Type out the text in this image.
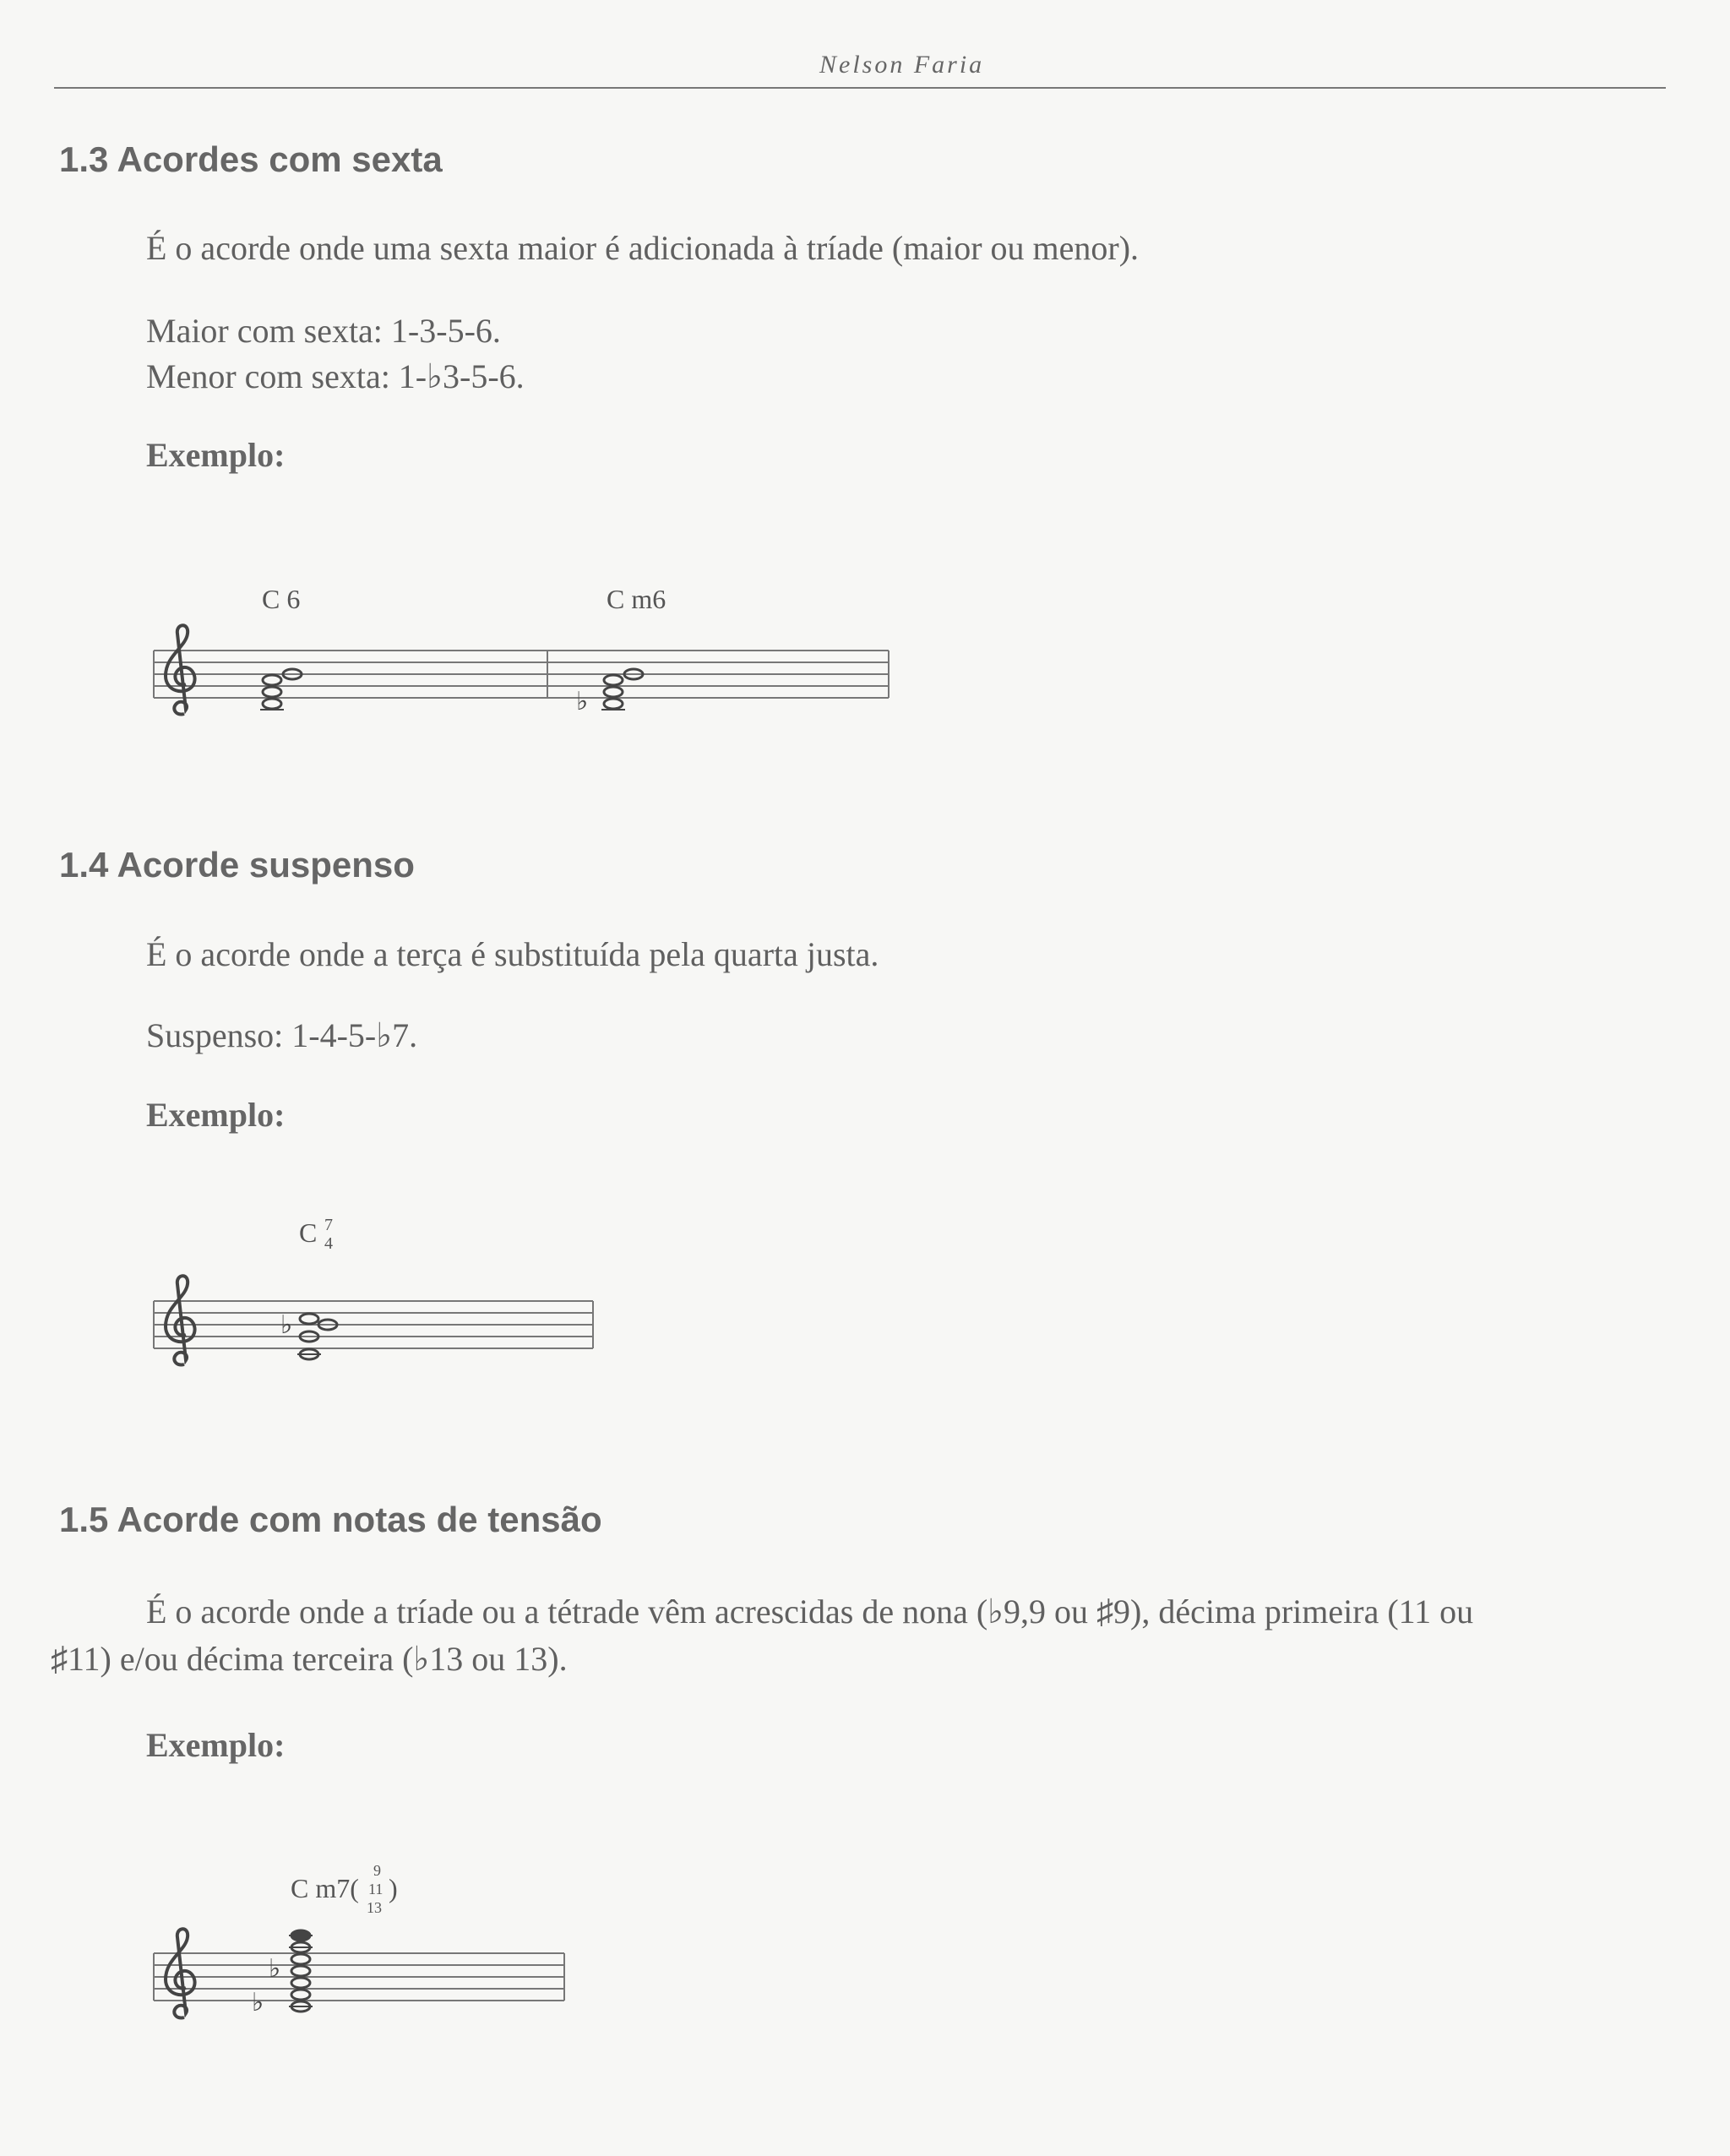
Nelson Faria
1.3 Acordes com sexta
É o acorde onde uma sexta maior é adicionada à tríade (maior ou menor).
Maior com sexta: 1-3-5-6.
Menor com sexta: 1-♭3-5-6.
Exemplo:
C 6	C m6
♭
1.4 Acorde suspenso
É o acorde onde a terça é substituída pela quarta justa.
Suspenso: 1-4-5-♭7.
Exemplo:
C 7
4
♭
1.5 Acorde com notas de tensão
É o acorde onde a tríade ou a tétrade vêm acrescidas de nona (♭9,9 ou ♯9), décima primeira (11 ou
♯11) e/ou décima terceira (♭13 ou 13).
Exemplo:
C m7(
9
11
13
)
♭
♭
